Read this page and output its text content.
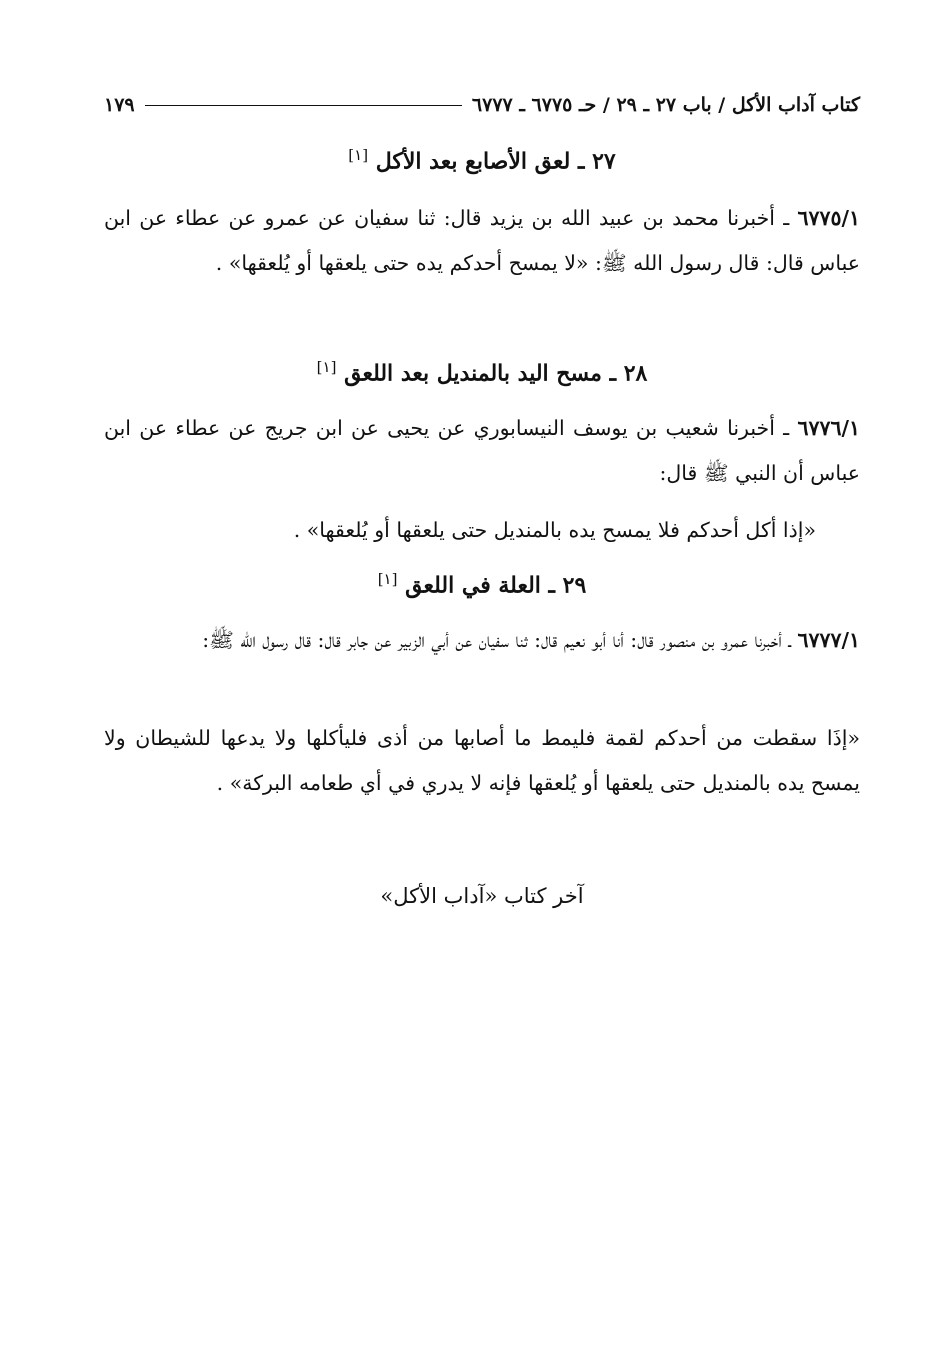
كتاب آداب الأكل / باب ٢٧ ـ ٢٩ / حـ ٦٧٧٥ ـ ٦٧٧٧
١٧٩
٢٧ ـ لعق الأصابع بعد الأكل [١]
٦٧٧٥/١ ـ أخبرنا محمد بن عبيد الله بن يزيد قال: ثنا سفيان عن عمرو عن عطاء عن ابن عباس قال: قال رسول الله ﷺ: «لا يمسح أحدكم يده حتى يلعقها أو يُلعقها» .
٢٨ ـ مسح اليد بالمنديل بعد اللعق [١]
٦٧٧٦/١ ـ أخبرنا شعيب بن يوسف النيسابوري عن يحيى عن ابن جريج عن عطاء عن ابن عباس أن النبي ﷺ قال:
«إذا أكل أحدكم فلا يمسح يده بالمنديل حتى يلعقها أو يُلعقها» .
٢٩ ـ العلة في اللعق [١]
٦٧٧٧/١ ـ أخبرنا عمرو بن منصور قال: أنا أبو نعيم قال: ثنا سفيان عن أبي الزبير عن جابر قال: قال رسول الله ﷺ:
«إذَا سقطت من أحدكم لقمة فليمط ما أصابها من أذى فليأكلها ولا يدعها للشيطان ولا يمسح يده بالمنديل حتى يلعقها أو يُلعقها فإنه لا يدري في أي طعامه البركة» .
آخر كتاب «آداب الأكل»
